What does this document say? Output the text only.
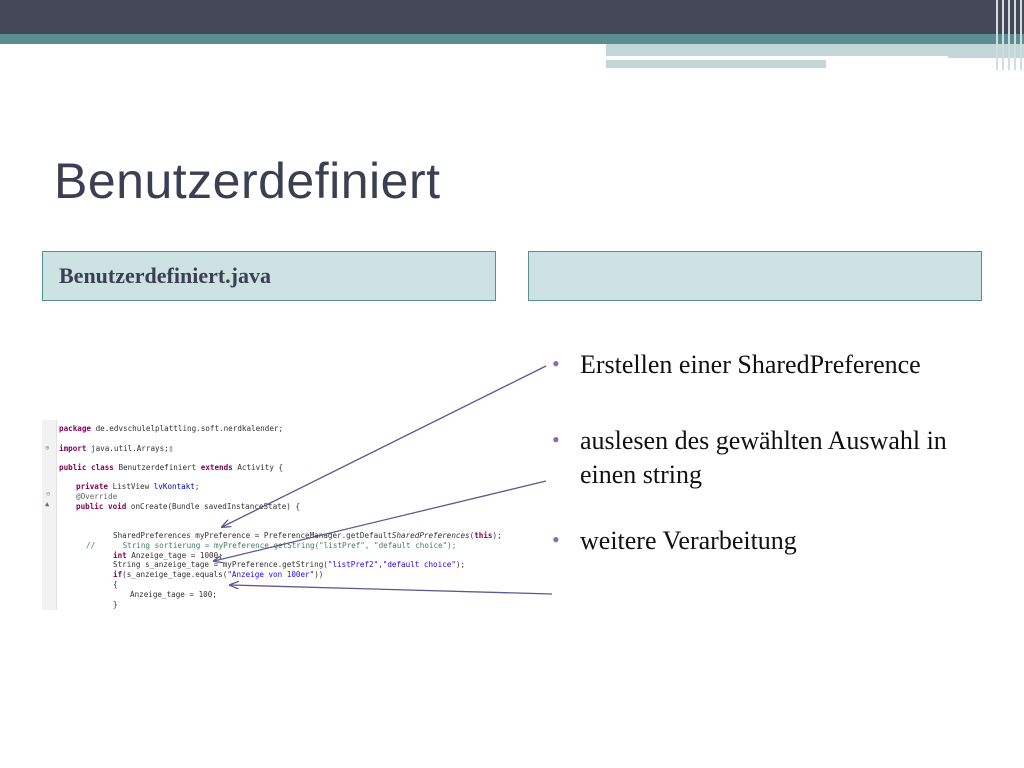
Benutzerdefiniert
Benutzerdefiniert.java
⊕
⊖
▲
package de.edvschulelplattling.soft.nerdkalender;
import java.util.Arrays;▯
public class Benutzerdefiniert extends Activity {
private ListView lvKontakt;
@Override
public void onCreate(Bundle savedInstanceState) {
SharedPreferences myPreference = PreferenceManager.getDefaultSharedPreferences(this);
//      String sortierung = myPreference.getString("listPref", "default choice");
int Anzeige_tage = 1000;
String s_anzeige_tage = myPreference.getString("listPref2","default choice");
if(s_anzeige_tage.equals("Anzeige von 100er"))
{
Anzeige_tage = 100;
}
• Erstellen einer SharedPreference
• auslesen des gewählten Auswahl in einen string
• weitere Verarbeitung
